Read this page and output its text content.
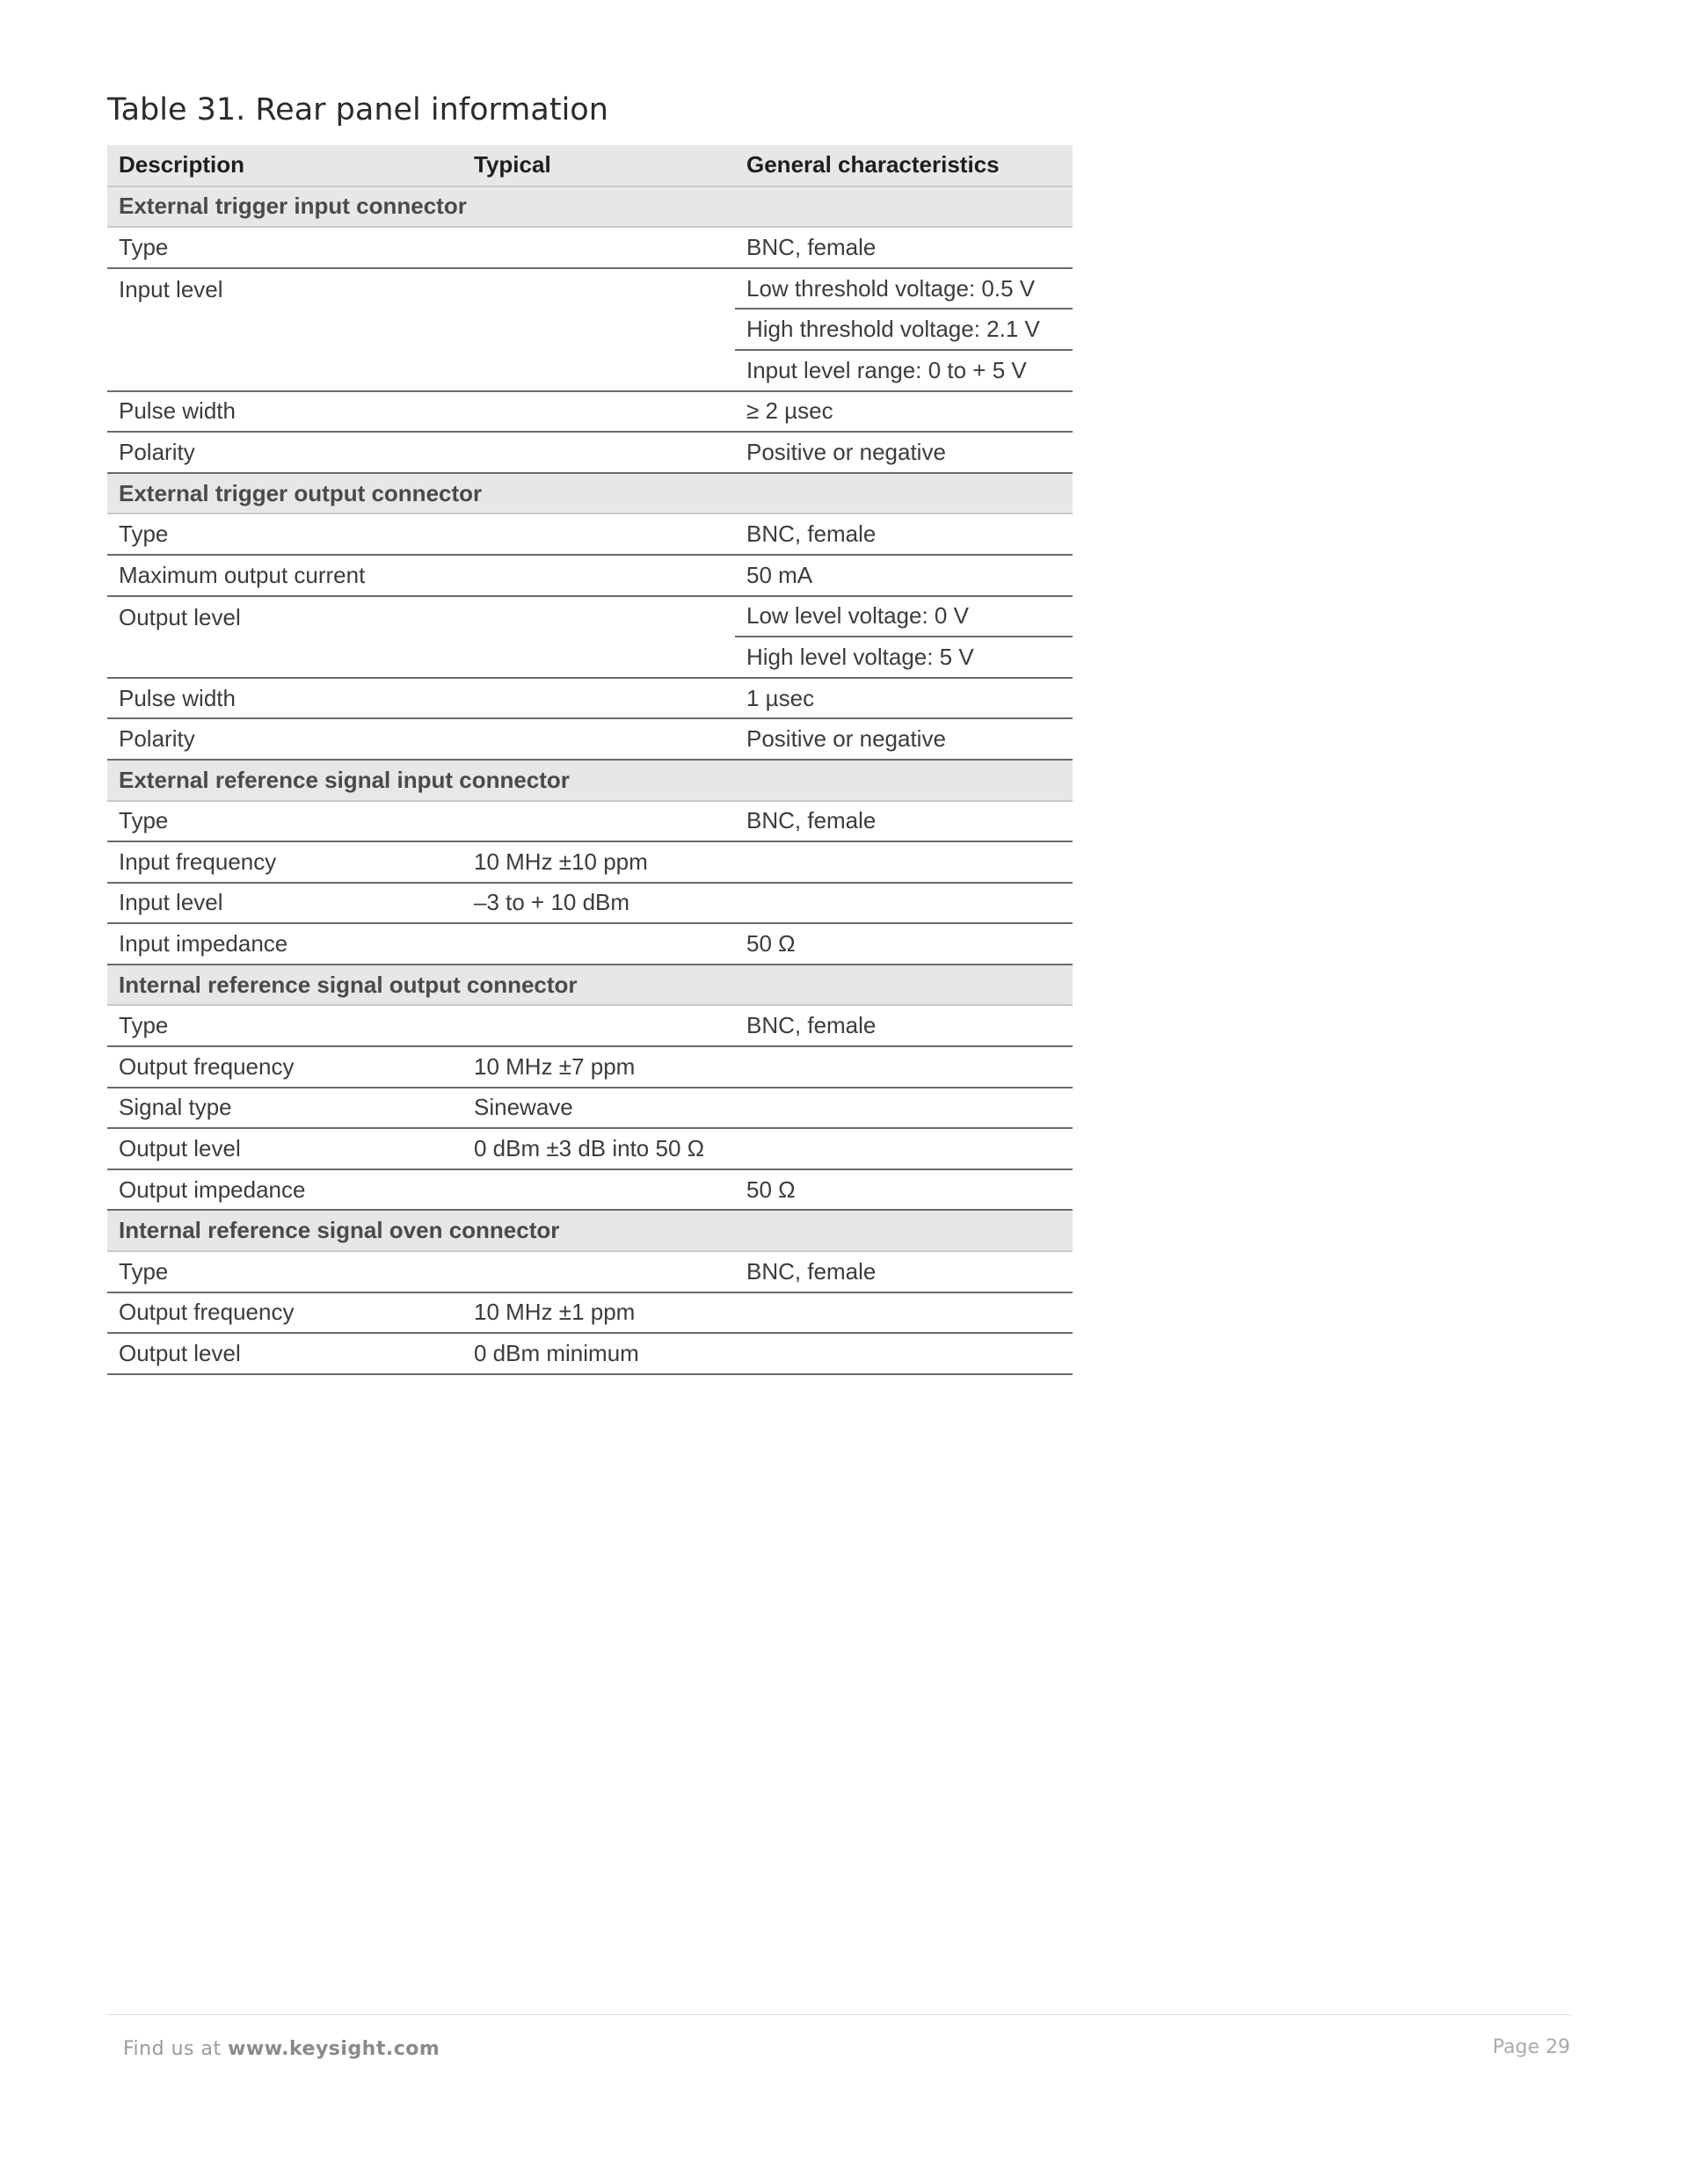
Table 31. Rear panel information
Description	Typical	General characteristics
External trigger input connector		
Type		BNC, female
Input level		Low threshold voltage: 0.5 V
		High threshold voltage: 2.1 V
		Input level range: 0 to + 5 V
Pulse width		≥ 2 µsec
Polarity		Positive or negative
External trigger output connector		
Type		BNC, female
Maximum output current		50 mA
Output level		Low level voltage: 0 V
		High level voltage: 5 V
Pulse width		1 µsec
Polarity		Positive or negative
External reference signal input connector		
Type		BNC, female
Input frequency	10 MHz ±10 ppm	
Input level	–3 to + 10 dBm	
Input impedance		50 Ω
Internal reference signal output connector		
Type		BNC, female
Output frequency	10 MHz ±7 ppm	
Signal type	Sinewave	
Output level	0 dBm ±3 dB into 50 Ω	
Output impedance		50 Ω
Internal reference signal oven connector		
Type		BNC, female
Output frequency	10 MHz ±1 ppm	
Output level	0 dBm minimum	
Find us at www.keysight.com	Page 29
